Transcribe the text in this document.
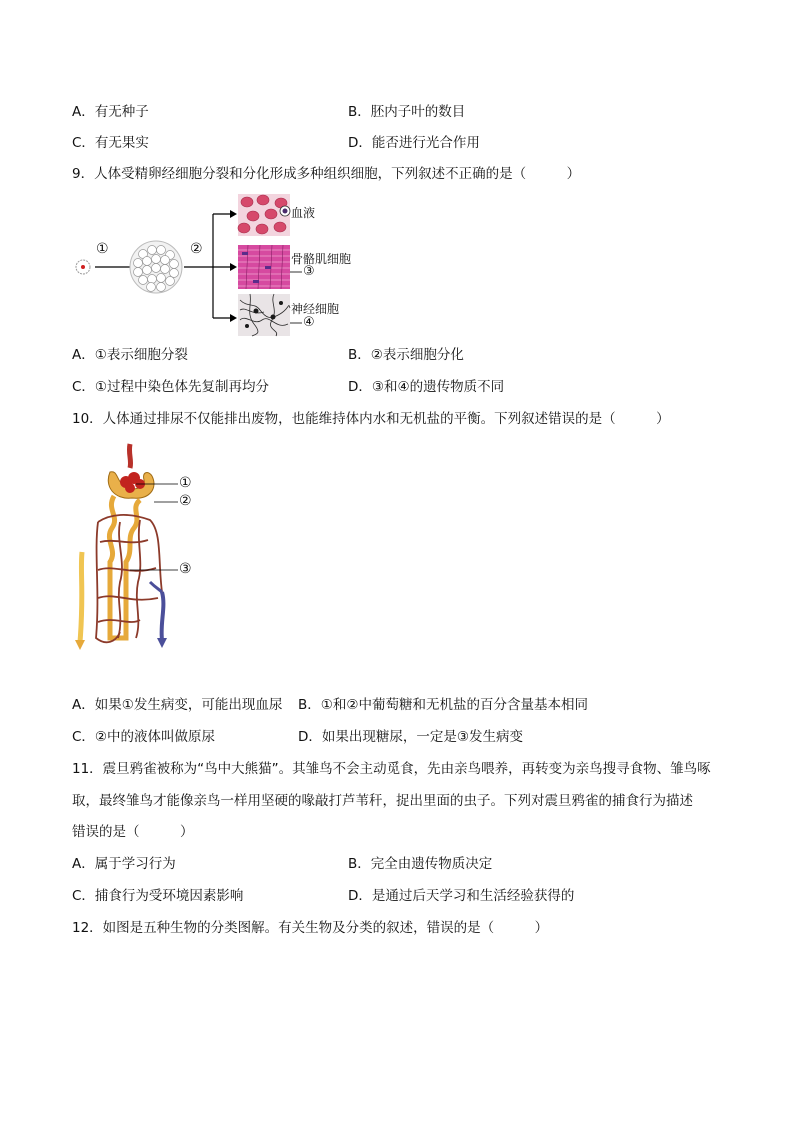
A．有无种子	B．胚内子叶的数目
C．有无果实	D．能否进行光合作用
9．人体受精卵经细胞分裂和分化形成多种组织细胞，下列叙述不正确的是（　　　）
①	②
血液
骨骼肌细胞
③
神经细胞
④
A．①表示细胞分裂	B．②表示细胞分化
C．①过程中染色体先复制再均分	D．③和④的遗传物质不同
10．人体通过排尿不仅能排出废物，也能维持体内水和无机盐的平衡。下列叙述错误的是（　　　）
①
②
③
A．如果①发生病变，可能出现血尿 B．①和②中葡萄糖和无机盐的百分含量基本相同
C．②中的液体叫做原尿	D．如果出现糖尿，一定是③发生病变
11．震旦鸦雀被称为“鸟中大熊猫”。其雏鸟不会主动觅食，先由亲鸟喂养，再转变为亲鸟搜寻食物、雏鸟啄
取，最终雏鸟才能像亲鸟一样用坚硬的喙敲打芦苇秆，捉出里面的虫子。下列对震旦鸦雀的捕食行为描述
错误的是（　　　）
A．属于学习行为	B．完全由遗传物质决定
C．捕食行为受环境因素影响	D．是通过后天学习和生活经验获得的
12．如图是五种生物的分类图解。有关生物及分类的叙述，错误的是（　　　）
